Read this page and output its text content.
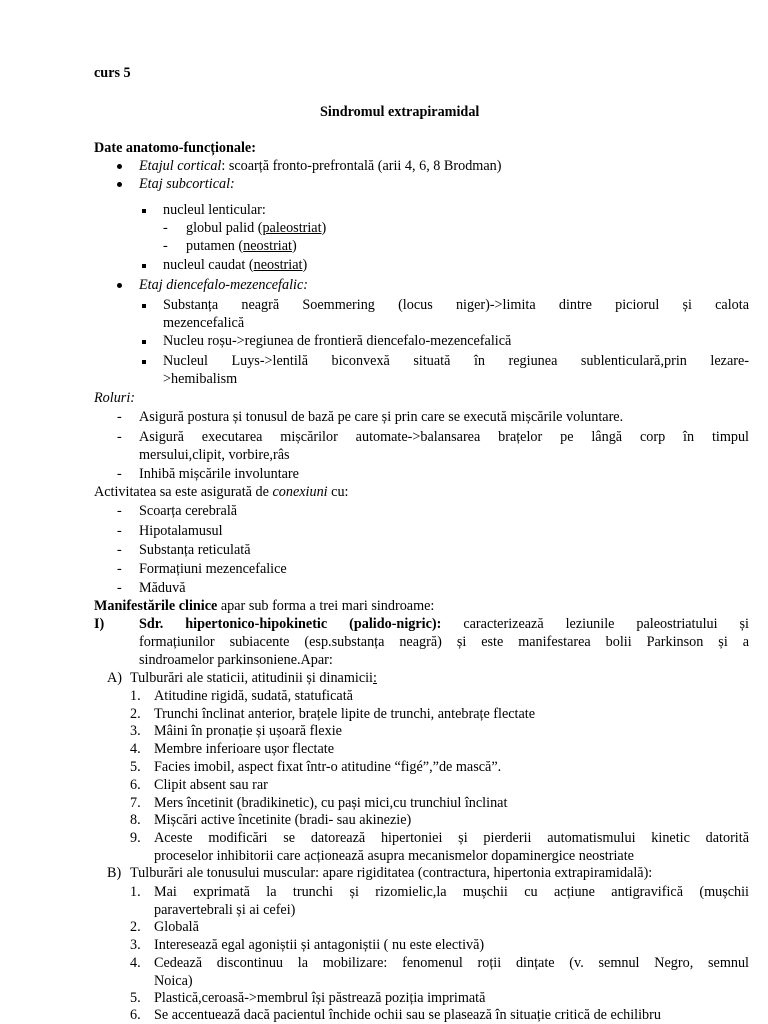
curs 5
Sindromul extrapiramidal
Date anatomo-funcționale:
Etajul cortical: scoarță fronto-prefrontală (arii 4, 6, 8 Brodman)
Etaj subcortical:
nucleul lenticular:
- globul palid (paleostriat)
- putamen (neostriat)
nucleul caudat (neostriat)
Etaj diencefalo-mezencefalic:
Substanța neagră Soemmering (locus niger)->limita dintre piciorul și calota
mezencefalică
Nucleu roșu->regiunea de frontieră diencefalo-mezencefalică
Nucleul Luys->lentilă biconvexă situată în regiunea sublenticulară,prin lezare-
>hemibalism
Roluri:
- Asigură postura și tonusul de bază pe care și prin care se execută mișcările voluntare.
- Asigură executarea mișcărilor automate->balansarea brațelor pe lângă corp în timpul
mersului,clipit, vorbire,râs
- Inhibă mișcările involuntare
Activitatea sa este asigurată de conexiuni cu:
- Scoarța cerebrală
- Hipotalamusul
- Substanța reticulată
- Formațiuni mezencefalice
- Măduvă
Manifestările clinice apar sub forma a trei mari sindroame:
I) Sdr. hipertonico-hipokinetic (palido-nigric): caracterizează leziunile paleostriatului și
formațiunilor subiacente (esp.substanța neagră) și este manifestarea bolii Parkinson și a
sindroamelor parkinsoniene.Apar:
A) Tulburări ale staticii, atitudinii și dinamicii:
1. Atitudine rigidă, sudată, statuficată
2. Trunchi înclinat anterior, brațele lipite de trunchi, antebrațe flectate
3. Mâini în pronație și ușoară flexie
4. Membre inferioare ușor flectate
5. Facies imobil, aspect fixat într-o atitudine “figé”,”de mască”.
6. Clipit absent sau rar
7. Mers încetinit (bradikinetic), cu pași mici,cu trunchiul înclinat
8. Mișcări active încetinite (bradi- sau akinezie)
9. Aceste modificări se datorează hipertoniei și pierderii automatismului kinetic datorită
proceselor inhibitorii care acționează asupra mecanismelor dopaminergice neostriate
B) Tulburări ale tonusului muscular: apare rigiditatea (contractura, hipertonia extrapiramidală):
1. Mai exprimată la trunchi și rizomielic,la mușchii cu acțiune antigravifică (mușchii
paravertebrali și ai cefei)
2. Globală
3. Interesează egal agoniștii și antagoniștii ( nu este electivă)
4. Cedează discontinuu la mobilizare: fenomenul roții dințate (v. semnul Negro, semnul
Noica)
5. Plastică,ceroasă->membrul își păstrează poziția imprimată
6. Se accentuează dacă pacientul închide ochii sau se plasează în situație critică de echilibru
